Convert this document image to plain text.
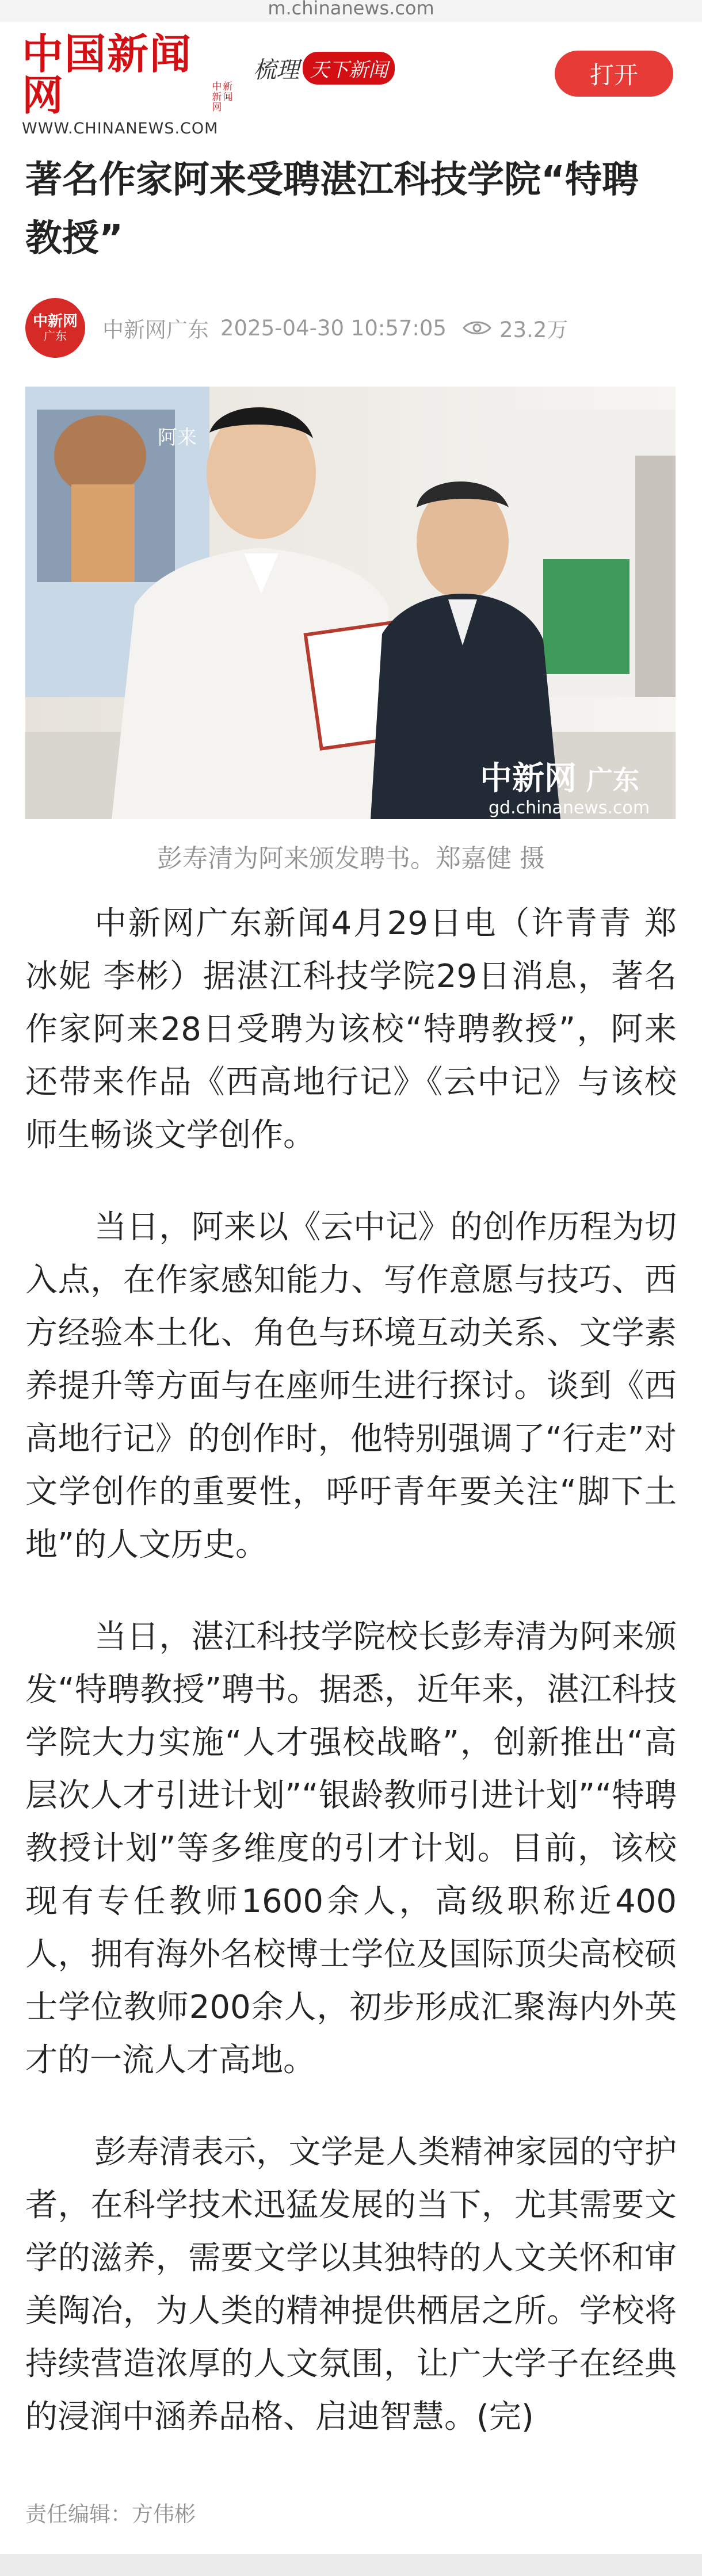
m.chinanews.com
中国新闻网	中新
新闻网
WWW.CHINANEWS.COM
梳理 天下新闻	打开
著名作家阿来受聘湛江科技学院“特聘教授”
中新网
广东 中新网广东 2025-04-30 10:57:05 23.2万
阿来
中新网 广东
gd.chinanews.com
彭寿清为阿来颁发聘书。郑嘉健 摄

中新网广东新闻4月29日电（许青青 郑冰妮 李彬）据湛江科技学院29日消息，著名作家阿来28日受聘为该校“特聘教授”，阿来还带来作品《西高地行记》《云中记》与该校师生畅谈文学创作。

当日，阿来以《云中记》的创作历程为切入点，在作家感知能力、写作意愿与技巧、西方经验本土化、角色与环境互动关系、文学素养提升等方面与在座师生进行探讨。谈到《西高地行记》的创作时，他特别强调了“行走”对文学创作的重要性，呼吁青年要关注“脚下土地”的人文历史。

当日，湛江科技学院校长彭寿清为阿来颁发“特聘教授”聘书。据悉，近年来，湛江科技学院大力实施“人才强校战略”，创新推出“高层次人才引进计划”“银龄教师引进计划”“特聘教授计划”等多维度的引才计划。目前，该校现有专任教师1600余人，高级职称近400人，拥有海外名校博士学位及国际顶尖高校硕士学位教师200余人，初步形成汇聚海内外英才的一流人才高地。

彭寿清表示，文学是人类精神家园的守护者，在科学技术迅猛发展的当下，尤其需要文学的滋养，需要文学以其独特的人文关怀和审美陶冶，为人类的精神提供栖居之所。学校将持续营造浓厚的人文氛围，让广大学子在经典的浸润中涵养品格、启迪智慧。(完)

责任编辑：方伟彬
